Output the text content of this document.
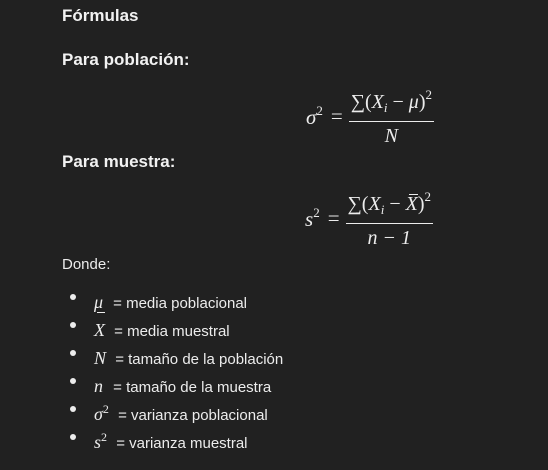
Fórmulas
Para población:
$\sigma^2 = \frac{\sum(X_i - \mu)^2}{N}$
Para muestra:
$s^2 = \frac{\sum(X_i - X)^2}{n - 1}$

Donde:

μ = media poblacional
X = media muestral
N = tamaño de la población
n = tamaño de la muestra
$\sigma^2$ = varianza poblacional
$s^2$ = varianza muestral
